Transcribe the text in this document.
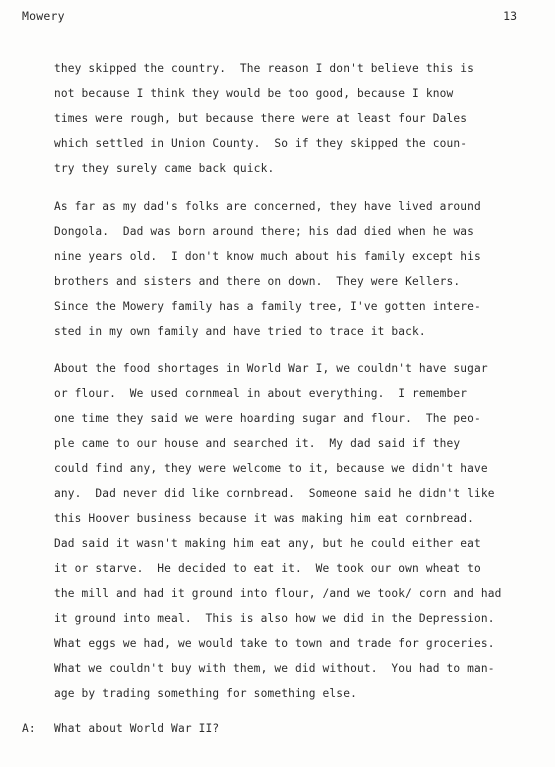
Mowery	13
they skipped the country.  The reason I don't believe this is
not because I think they would be too good, because I know
times were rough, but because there were at least four Dales
which settled in Union County.  So if they skipped the coun-
try they surely came back quick.
As far as my dad's folks are concerned, they have lived around
Dongola.  Dad was born around there; his dad died when he was
nine years old.  I don't know much about his family except his
brothers and sisters and there on down.  They were Kellers.
Since the Mowery family has a family tree, I've gotten intere-
sted in my own family and have tried to trace it back.
About the food shortages in World War I, we couldn't have sugar
or flour.  We used cornmeal in about everything.  I remember
one time they said we were hoarding sugar and flour.  The peo-
ple came to our house and searched it.  My dad said if they
could find any, they were welcome to it, because we didn't have
any.  Dad never did like cornbread.  Someone said he didn't like
this Hoover business because it was making him eat cornbread.
Dad said it wasn't making him eat any, but he could either eat
it or starve.  He decided to eat it.  We took our own wheat to
the mill and had it ground into flour, /and we took/ corn and had
it ground into meal.  This is also how we did in the Depression.
What eggs we had, we would take to town and trade for groceries.
What we couldn't buy with them, we did without.  You had to man-
age by trading something for something else.
A: What about World War II?
